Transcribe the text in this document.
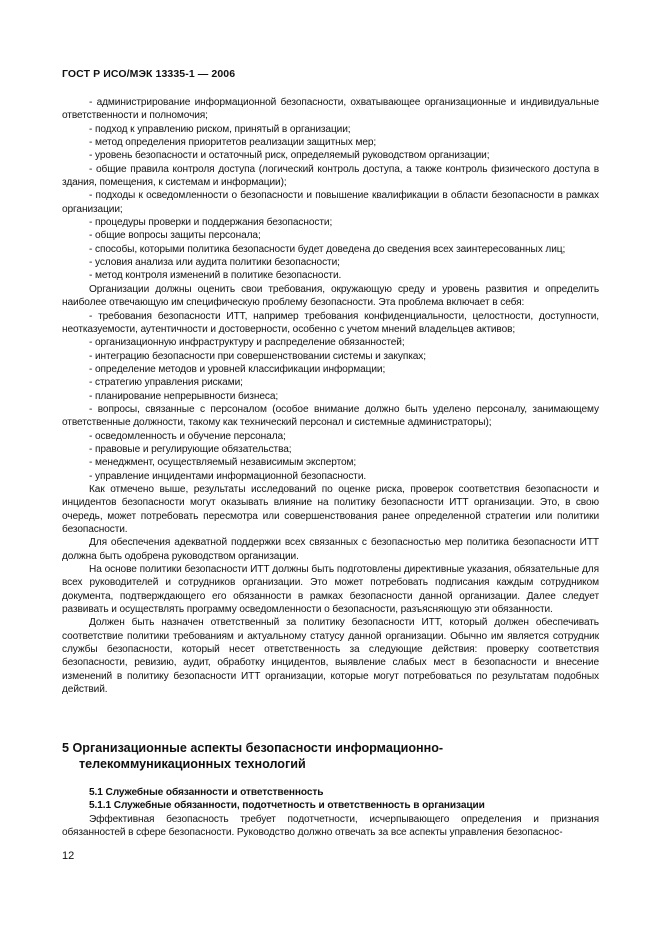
ГОСТ Р ИСО/МЭК 13335-1 — 2006

- администрирование информационной безопасности, охватывающее организационные и индивидуальные ответственности и полномочия;

- подход к управлению риском, принятый в организации;

- метод определения приоритетов реализации защитных мер;

- уровень безопасности и остаточный риск, определяемый руководством организации;

- общие правила контроля доступа (логический контроль доступа, а также контроль физического доступа в здания, помещения, к системам и информации);

- подходы к осведомленности о безопасности и повышение квалификации в области безопасности в рамках организации;

- процедуры проверки и поддержания безопасности;

- общие вопросы защиты персонала;

- способы, которыми политика безопасности будет доведена до сведения всех заинтересованных лиц;

- условия анализа или аудита политики безопасности;

- метод контроля изменений в политике безопасности.

Организации должны оценить свои требования, окружающую среду и уровень развития и определить наиболее отвечающую им специфическую проблему безопасности. Эта проблема включает в себя:

- требования безопасности ИТТ, например требования конфиденциальности, целостности, доступности, неотказуемости, аутентичности и достоверности, особенно с учетом мнений владельцев активов;

- организационную инфраструктуру и распределение обязанностей;

- интеграцию безопасности при совершенствовании системы и закупках;

- определение методов и уровней классификации информации;

- стратегию управления рисками;

- планирование непрерывности бизнеса;

- вопросы, связанные с персоналом (особое внимание должно быть уделено персоналу, занимающему ответственные должности, такому как технический персонал и системные администраторы);

- осведомленность и обучение персонала;

- правовые и регулирующие обязательства;

- менеджмент, осуществляемый независимым экспертом;

- управление инцидентами информационной безопасности.

Как отмечено выше, результаты исследований по оценке риска, проверок соответствия безопасности и инцидентов безопасности могут оказывать влияние на политику безопасности ИТТ организации. Это, в свою очередь, может потребовать пересмотра или совершенствования ранее определенной стратегии или политики безопасности.

Для обеспечения адекватной поддержки всех связанных с безопасностью мер политика безопасности ИТТ должна быть одобрена руководством организации.

На основе политики безопасности ИТТ должны быть подготовлены директивные указания, обязательные для всех руководителей и сотрудников организации. Это может потребовать подписания каждым сотрудником документа, подтверждающего его обязанности в рамках безопасности данной организации. Далее следует развивать и осуществлять программу осведомленности о безопасности, разъясняющую эти обязанности.

Должен быть назначен ответственный за политику безопасности ИТТ, который должен обеспечивать соответствие политики требованиям и актуальному статусу данной организации. Обычно им является сотрудник службы безопасности, который несет ответственность за следующие действия: проверку соответствия безопасности, ревизию, аудит, обработку инцидентов, выявление слабых мест в безопасности и внесение изменений в политику безопасности ИТТ организации, которые могут потребоваться по результатам подобных действий.

5 Организационные аспекты безопасности информационно-
телекоммуникационных технологий

5.1 Служебные обязанности и ответственность

5.1.1 Служебные обязанности, подотчетность и ответственность в организации

Эффективная безопасность требует подотчетности, исчерпывающего определения и признания обязанностей в сфере безопасности. Руководство должно отвечать за все аспекты управления безопаснос-

12
